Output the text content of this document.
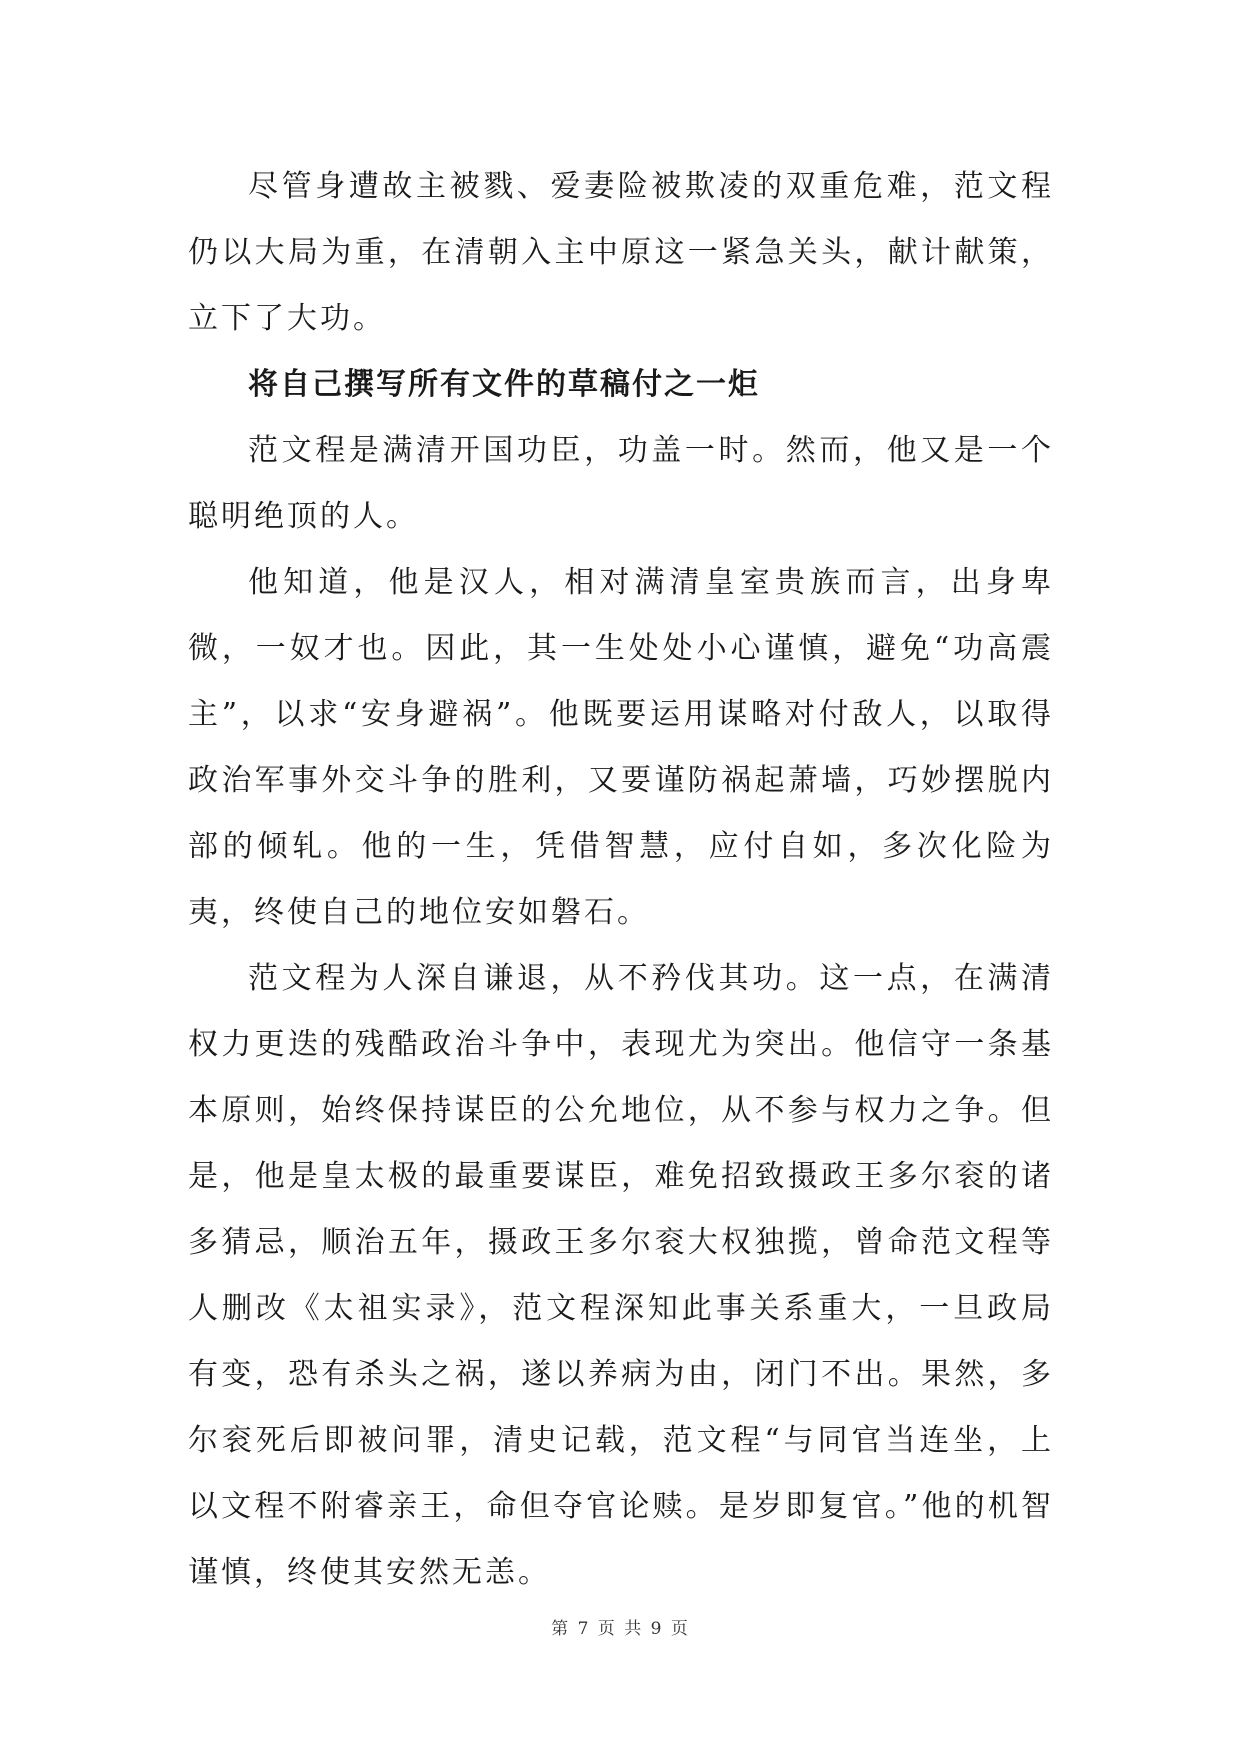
尽管身遭故主被戮、爱妻险被欺凌的双重危难，范文程仍以大局为重，在清朝入主中原这一紧急关头，献计献策，立下了大功。

将自己撰写所有文件的草稿付之一炬

范文程是满清开国功臣，功盖一时。然而，他又是一个聪明绝顶的人。

他知道，他是汉人，相对满清皇室贵族而言，出身卑微，一奴才也。因此，其一生处处小心谨慎，避免“功高震主”，以求“安身避祸”。他既要运用谋略对付敌人，以取得政治军事外交斗争的胜利，又要谨防祸起萧墙，巧妙摆脱内部的倾轧。他的一生，凭借智慧，应付自如，多次化险为夷，终使自己的地位安如磐石。

范文程为人深自谦退，从不矜伐其功。这一点，在满清权力更迭的残酷政治斗争中，表现尤为突出。他信守一条基本原则，始终保持谋臣的公允地位，从不参与权力之争。但是，他是皇太极的最重要谋臣，难免招致摄政王多尔衮的诸多猜忌，顺治五年，摄政王多尔衮大权独揽，曾命范文程等人删改《太祖实录》，范文程深知此事关系重大，一旦政局有变，恐有杀头之祸，遂以养病为由，闭门不出。果然，多尔衮死后即被问罪，清史记载，范文程“与同官当连坐，上以文程不附睿亲王，命但夺官论赎。是岁即复官。”他的机智谨慎，终使其安然无恙。

第 7 页 共 9 页
